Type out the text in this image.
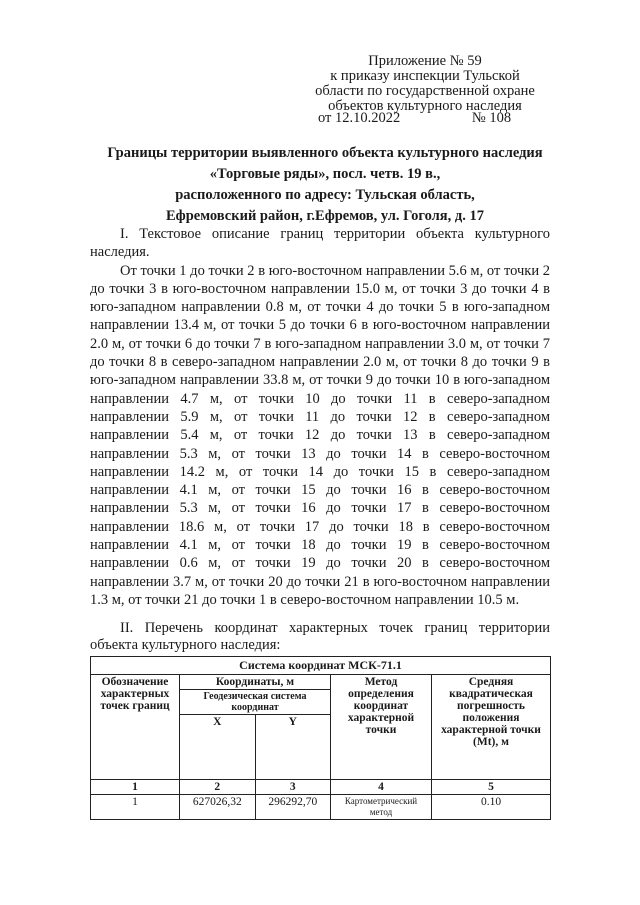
Приложение № 59
к приказу инспекции Тульской
области по государственной охране
объектов культурного наследия
от 12.10.2022	№ 108
Границы территории выявленного объекта культурного наследия
«Торговые ряды», посл. четв. 19 в.,
расположенного по адресу: Тульская область,
Ефремовский район, г.Ефремов, ул. Гоголя, д. 17

I. Текстовое описание границ территории объекта культурного наследия.

От точки 1 до точки 2 в юго-восточном направлении 5.6 м, от точки 2 до точки 3 в юго-восточном направлении 15.0 м, от точки 3 до точки 4 в юго-западном направлении 0.8 м, от точки 4 до точки 5 в юго-западном направлении 13.4 м, от точки 5 до точки 6 в юго-восточном направлении 2.0 м, от точки 6 до точки 7 в юго-западном направлении 3.0 м, от точки 7 до точки 8 в северо-западном направлении 2.0 м, от точки 8 до точки 9 в юго-западном направлении 33.8 м, от точки 9 до точки 10 в юго-западном направлении 4.7 м, от точки 10 до точки 11 в северо-западном направлении 5.9 м, от точки 11 до точки 12 в северо-западном направлении 5.4 м, от точки 12 до точки 13 в северо-западном направлении 5.3 м, от точки 13 до точки 14 в северо-восточном направлении 14.2 м, от точки 14 до точки 15 в северо-западном направлении 4.1 м, от точки 15 до точки 16 в северо-восточном направлении 5.3 м, от точки 16 до точки 17 в северо-восточном направлении 18.6 м, от точки 17 до точки 18 в северо-восточном направлении 4.1 м, от точки 18 до точки 19 в северо-восточном направлении 0.6 м, от точки 19 до точки 20 в северо-восточном направлении 3.7 м, от точки 20 до точки 21 в юго-восточном направлении 1.3 м, от точки 21 до точки 1 в северо-восточном направлении 10.5 м.

II. Перечень координат характерных точек границ территории объекта культурного наследия:

Система координат МСК-71.1				
Обозначение характерных точек границ	Координаты, м		Метод определения координат характерной точки	Средняя квадратическая погрешность положения характерной точки (Mt), м
	Геодезическая система координат			
	X	Y		
1	2	3	4	5
1	627026,32	296292,70	Картометрический метод	0.10
